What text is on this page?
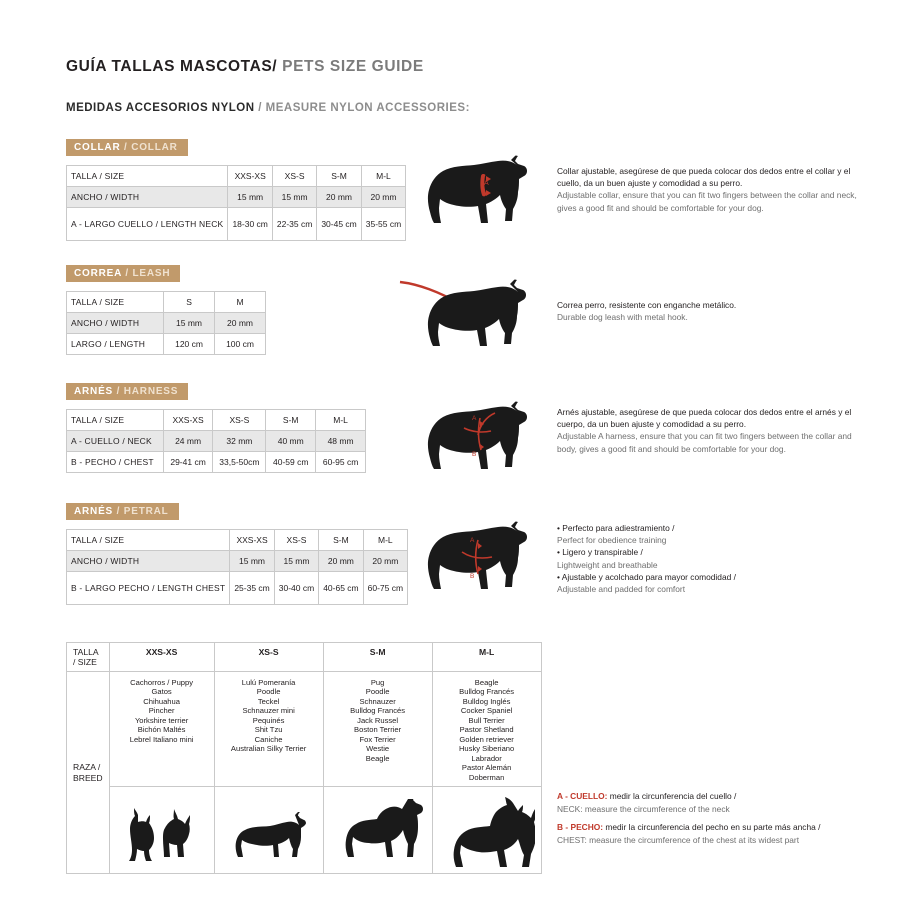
GUÍA TALLAS MASCOTAS/ PETS SIZE GUIDE
MEDIDAS ACCESORIOS NYLON / MEASURE NYLON ACCESSORIES:
COLLAR / COLLAR
TALLA / SIZE	XXS-XS	XS-S	S-M	M-L
ANCHO / WIDTH	15 mm	15 mm	20 mm	20 mm
A - LARGO CUELLO / LENGTH NECK	18-30 cm	22-35 cm	30-45 cm	35-55 cm
A
Collar ajustable, asegúrese de que pueda colocar dos dedos entre el collar y el cuello, da un buen ajuste y comodidad a su perro.
Adjustable collar, ensure that you can fit two fingers between the collar and neck, gives a good fit and should be comfortable for your dog.
CORREA / LEASH
TALLA / SIZE	S	M
ANCHO / WIDTH	15 mm	20 mm
LARGO / LENGTH	120 cm	100 cm
Correa perro, resistente con enganche metálico.
Durable dog leash with metal hook.
ARNÉS / HARNESS
TALLA / SIZE	XXS-XS	XS-S	S-M	M-L
A - CUELLO / NECK	24 mm	32 mm	40 mm	48 mm
B - PECHO / CHEST	29-41 cm	33,5-50cm	40-59 cm	60-95 cm
A
B
Arnés ajustable, asegúrese de que pueda colocar dos dedos entre el arnés y el cuerpo, da un buen ajuste y comodidad a su perro.
Adjustable A harness, ensure that you can fit two fingers between the collar and body, gives a good fit and should be comfortable for your dog.
ARNÉS / PETRAL
TALLA / SIZE	XXS-XS	XS-S	S-M	M-L
ANCHO / WIDTH	15 mm	15 mm	20 mm	20 mm
B - LARGO PECHO / LENGTH CHEST	25-35 cm	30-40 cm	40-65 cm	60-75 cm
A
B
• Perfecto para adiestramiento /
Perfect for obedience training
• Ligero y transpirable /
Lightweight and breathable
• Ajustable y acolchado para mayor comodidad /
Adjustable and padded for comfort
TALLA / SIZE	XXS-XS	XS-S	S-M	M-L
RAZA /
BREED	Cachorros / Puppy
Gatos
Chihuahua
Pincher
Yorkshire terrier
Bichón Maltés
Lebrel Italiano mini	Lulú Pomeranía
Poodle
Teckel
Schnauzer mini
Pequinés
Shit Tzu
Caniche
Australian Silky Terrier	Pug
Poodle
Schnauzer
Bulldog Francés
Jack Russel
Boston Terrier
Fox Terrier
Westie
Beagle	Beagle
Bulldog Francés
Bulldog Inglés
Cocker Spaniel
Bull Terrier
Pastor Shetland
Golden retriever
Husky Siberiano
Labrador
Pastor Alemán
Doberman

A - CUELLO: medir la circunferencia del cuello /
NECK: measure the circumference of the neck
B - PECHO: medir la circunferencia del pecho en su parte más ancha /
CHEST: measure the circumference of the chest at its widest part
